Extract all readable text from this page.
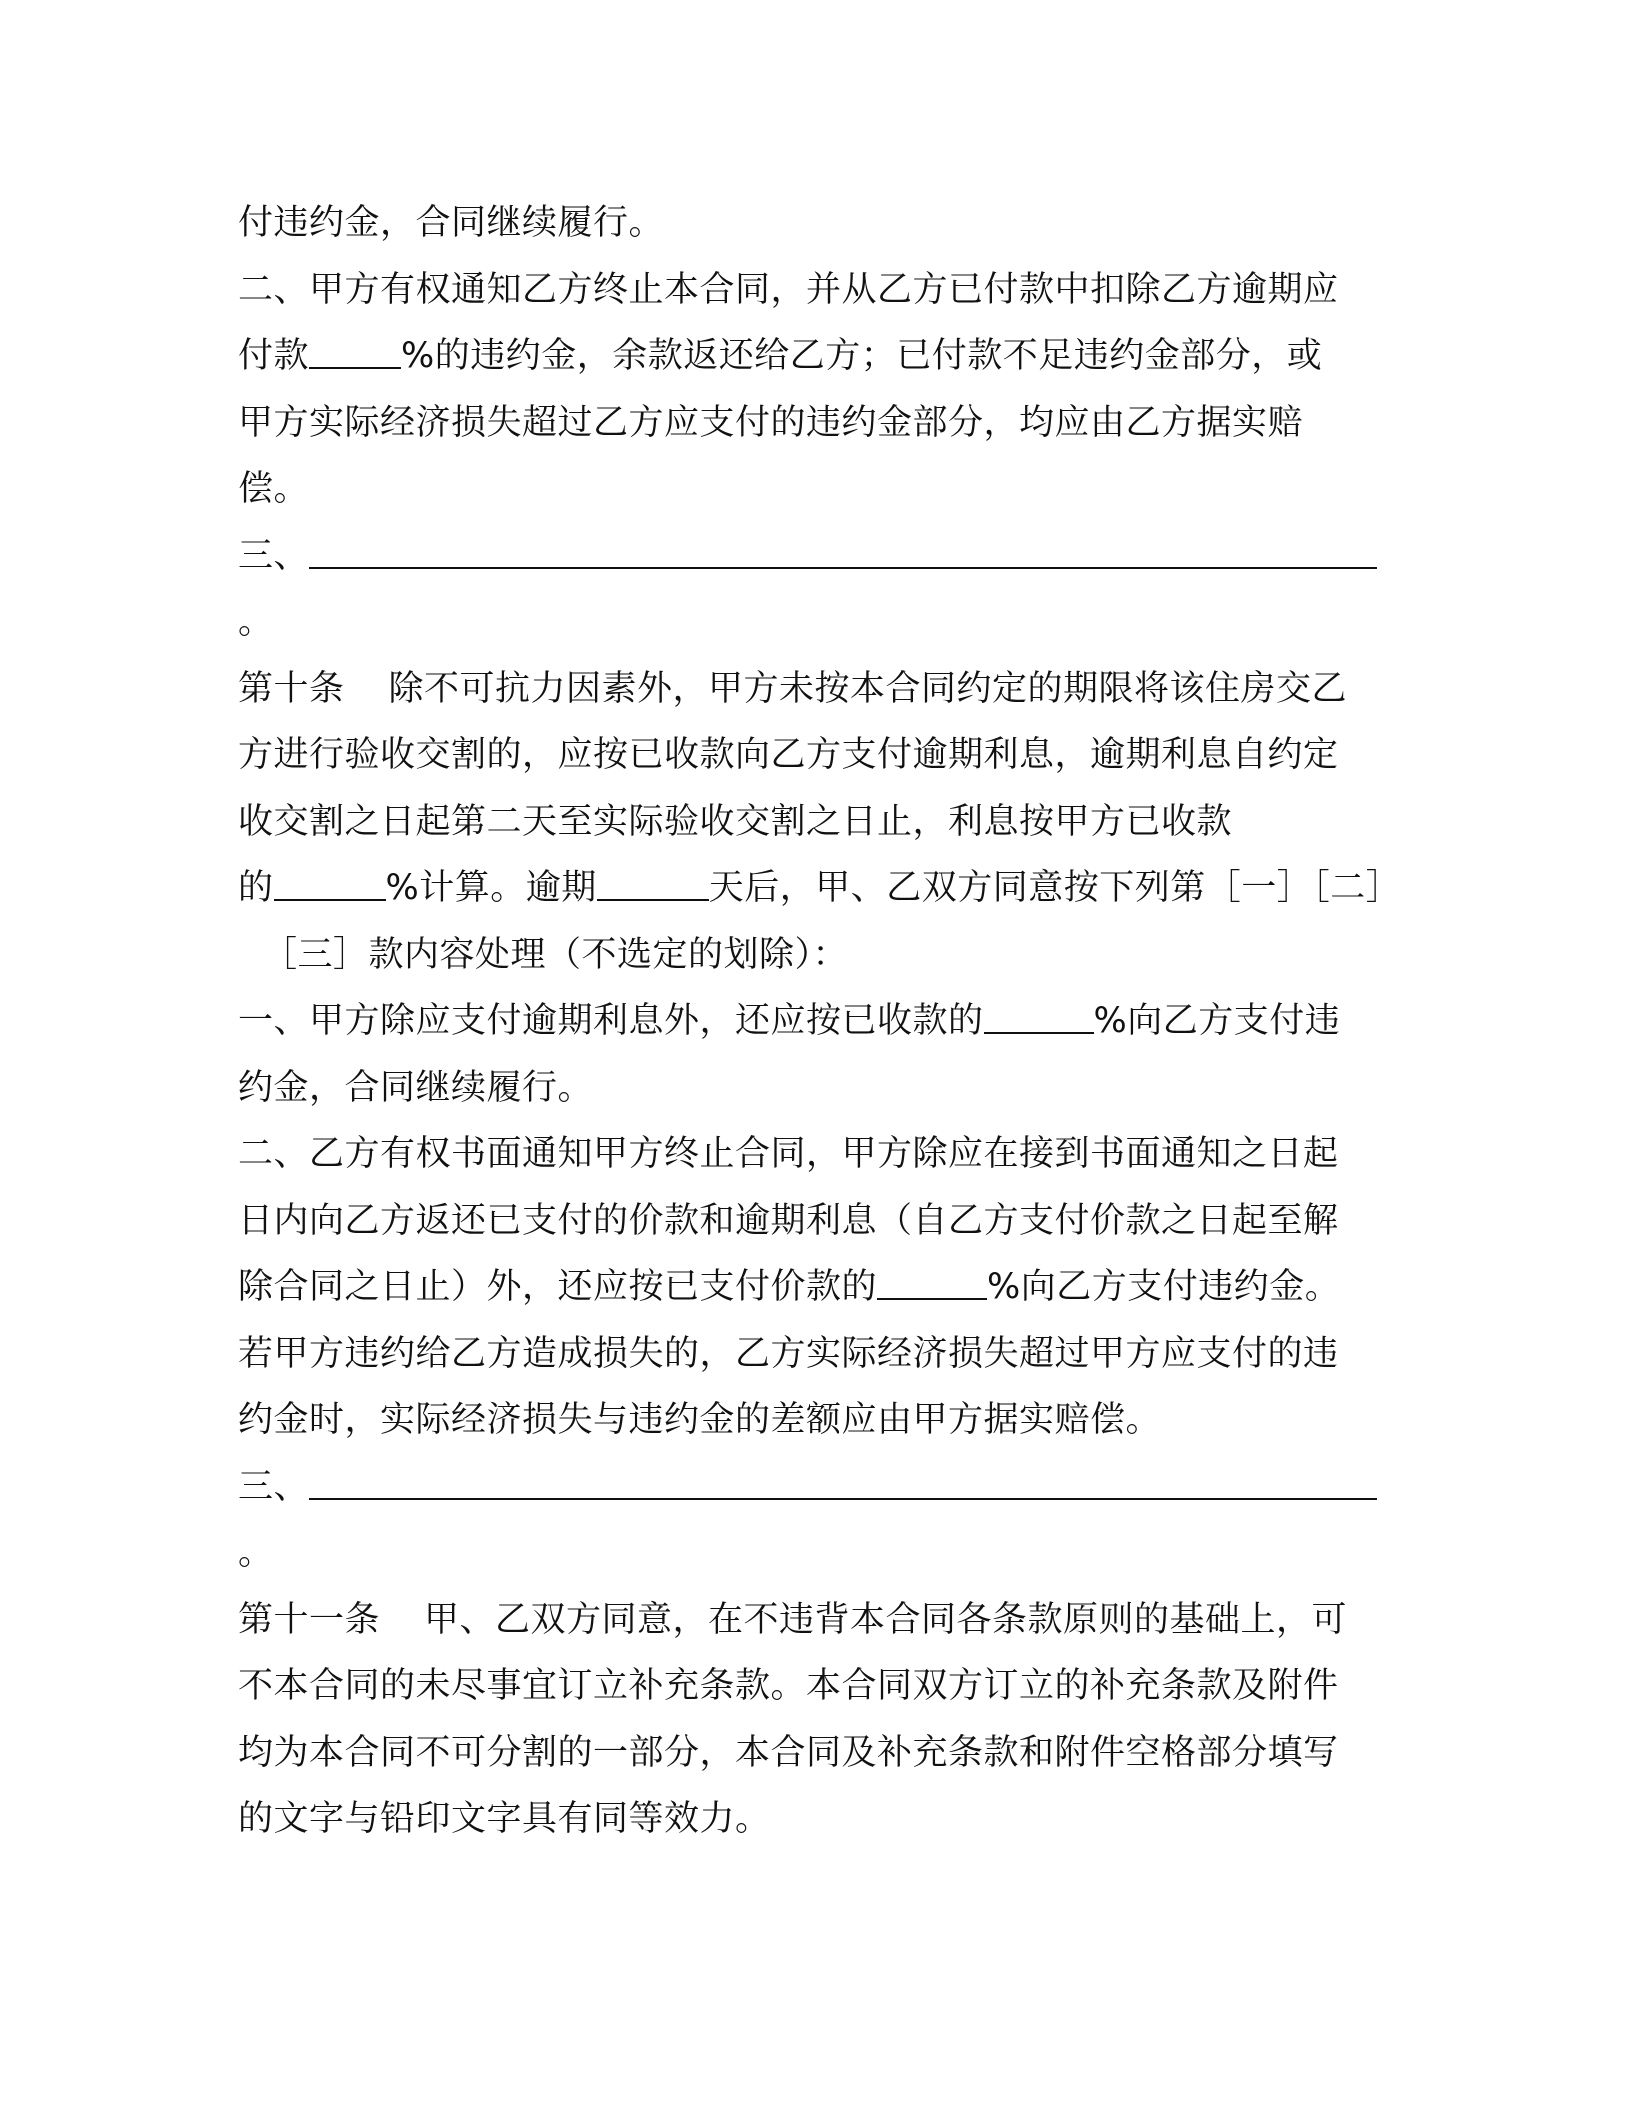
付违约金，合同继续履行。
二、甲方有权通知乙方终止本合同，并从乙方已付款中扣除乙方逾期应
付款	%的违约金，余款返还给乙方；已付款不足违约金部分，或
甲方实际经济损失超过乙方应支付的违约金部分，均应由乙方据实赔
偿。
三、
。
第十条 除不可抗力因素外，甲方未按本合同约定的期限将该住房交乙
方进行验收交割的，应按已收款向乙方支付逾期利息，逾期利息自约定
收交割之日起第二天至实际验收交割之日止，利息按甲方已收款
的	%计算。逾期	天后，甲、乙双方同意按下列第［一］［二］
［三］款内容处理（不选定的划除）：
一、甲方除应支付逾期利息外，还应按已收款的	%向乙方支付违
约金，合同继续履行。
二、乙方有权书面通知甲方终止合同，甲方除应在接到书面通知之日起
日内向乙方返还已支付的价款和逾期利息（自乙方支付价款之日起至解
除合同之日止）外，还应按已支付价款的	%向乙方支付违约金。
若甲方违约给乙方造成损失的，乙方实际经济损失超过甲方应支付的违
约金时，实际经济损失与违约金的差额应由甲方据实赔偿。
三、
。
第十一条 甲、乙双方同意，在不违背本合同各条款原则的基础上，可
不本合同的未尽事宜订立补充条款。本合同双方订立的补充条款及附件
均为本合同不可分割的一部分，本合同及补充条款和附件空格部分填写
的文字与铅印文字具有同等效力。
